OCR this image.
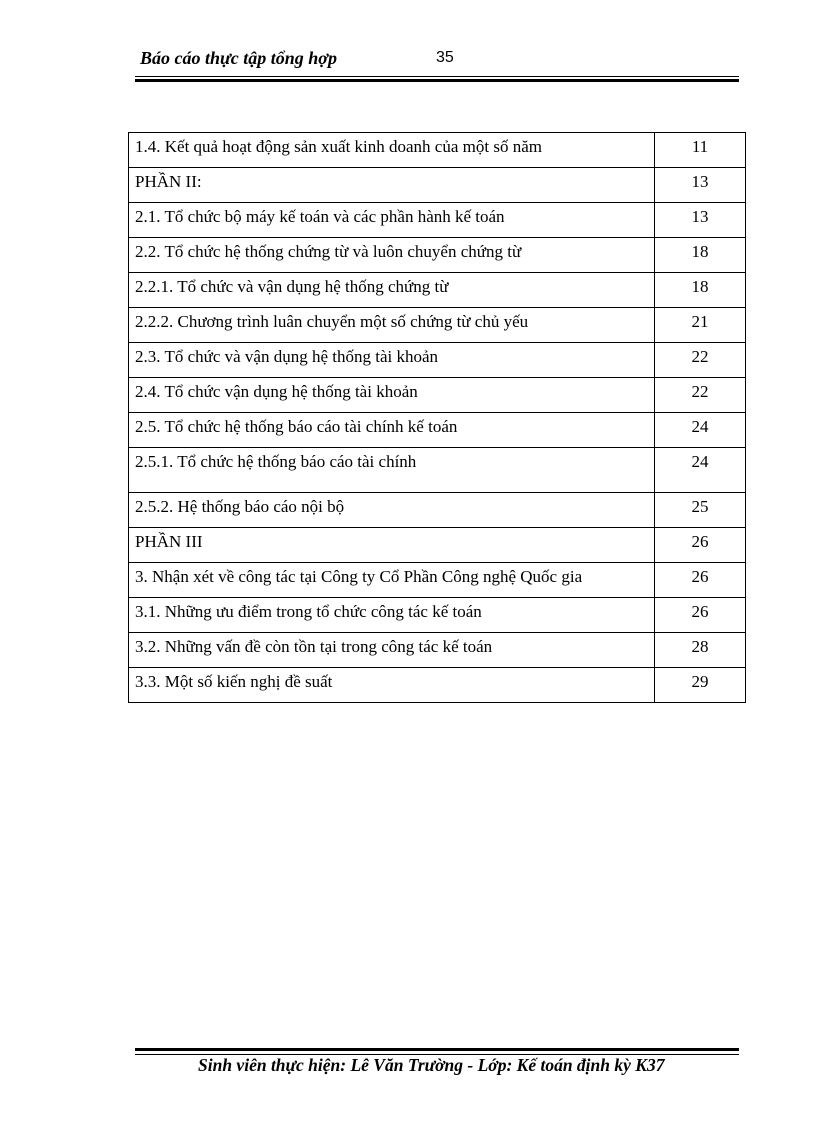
Báo cáo thực tập tổng hợp	35
1.4. Kết quả hoạt động sản xuất kinh doanh của một số năm	11
PHẦN II:	13
2.1. Tổ chức bộ máy kế toán và các phần hành kế toán	13
2.2. Tổ chức hệ thống chứng từ và luôn chuyển chứng từ	18
2.2.1. Tổ chức và vận dụng hệ thống chứng từ	18
2.2.2. Chương trình luân chuyển một số chứng từ chủ yếu	21
2.3. Tổ chức và vận dụng hệ thống tài khoản	22
2.4. Tổ chức vận dụng hệ thống tài khoản	22
2.5. Tổ chức hệ thống báo cáo tài chính kế toán	24
2.5.1. Tổ chức hệ thống báo cáo tài chính	24
2.5.2. Hệ thống báo cáo nội bộ	25
PHẦN III	26
3. Nhận xét về công tác tại Công ty Cổ Phần Công nghệ Quốc gia	26
3.1. Những ưu điểm trong tổ chức công tác kế toán	26
3.2. Những vấn đề còn tồn tại trong công tác kế toán	28
3.3. Một số kiến nghị đề suất	29
Sinh viên thực hiện: Lê Văn Trường - Lớp: Kế toán định kỳ K37
